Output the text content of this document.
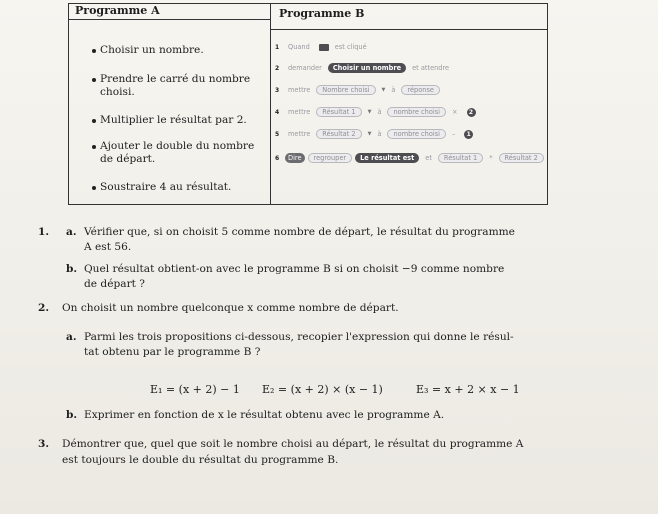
Programme A
Choisir un nombre.
Prendre le carré du nombre choisi.
Multiplier le résultat par 2.
Ajouter le double du nombre de départ.
Soustraire 4 au résultat.
Programme B
1	Quand	est cliqué
2	demander	Choisir un nombre	et attendre
3	mettre	Nombre choisi	▼ à	réponse
4	mettre	Résultat 1	▼ à	nombre choisi	×	2
5	mettre	Résultat 2	▼ à	nombre choisi	–	1
6	Dire	regrouper	Le résultat est	et	Résultat 1	*	Résultat 2
1. a. Vérifier que, si on choisit 5 comme nombre de départ, le résultat du programme
A est 56.
b. Quel résultat obtient-on avec le programme B si on choisit −9 comme nombre
de départ ?
2. On choisit un nombre quelconque x comme nombre de départ.
a. Parmi les trois propositions ci-dessous, recopier l'expression qui donne le résul-
tat obtenu par le programme B ?
E₁ = (x + 2) − 1 E₂ = (x + 2) × (x − 1)	E₃ = x + 2 × x − 1
b. Exprimer en fonction de x le résultat obtenu avec le programme A.
3. Démontrer que, quel que soit le nombre choisi au départ, le résultat du programme A
est toujours le double du résultat du programme B.
